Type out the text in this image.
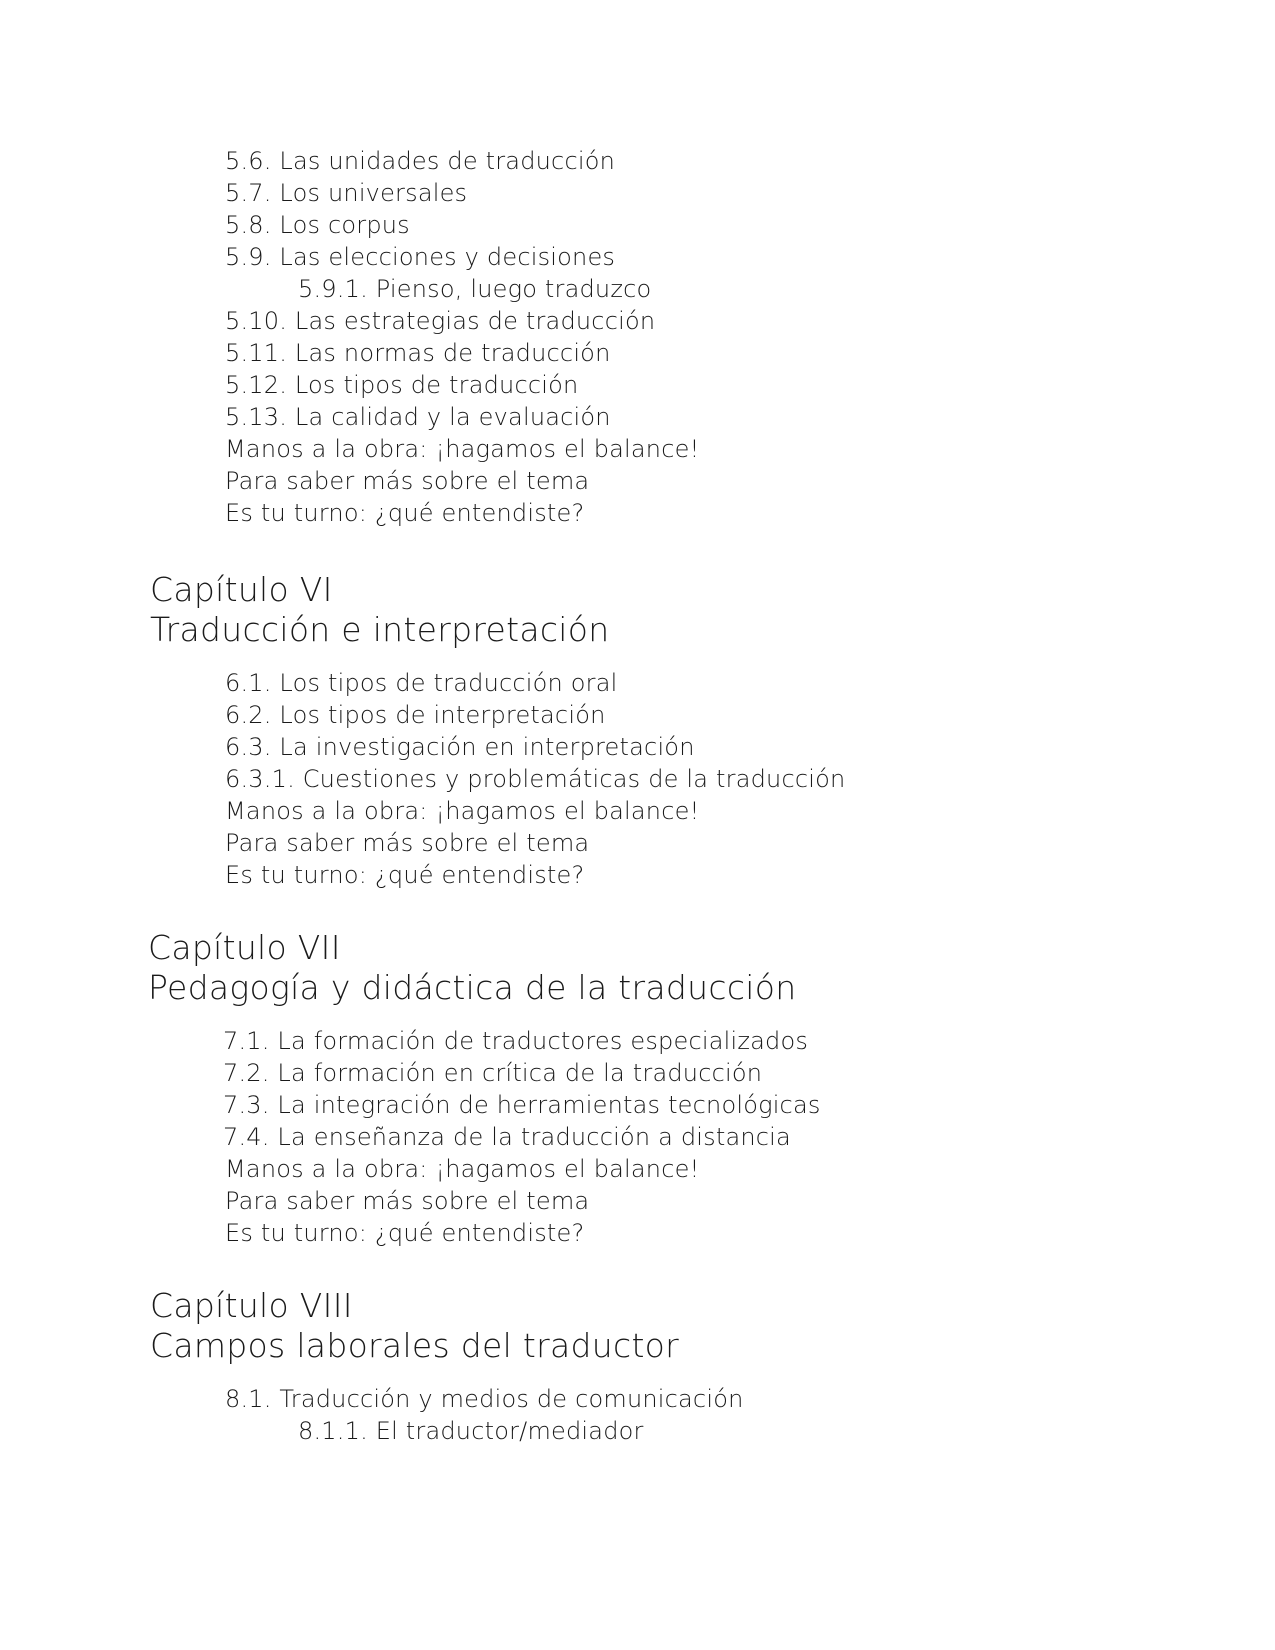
5.6. Las unidades de traducción
5.7. Los universales
5.8. Los corpus
5.9. Las elecciones y decisiones
5.9.1. Pienso, luego traduzco
5.10. Las estrategias de traducción
5.11. Las normas de traducción
5.12. Los tipos de traducción
5.13. La calidad y la evaluación
Manos a la obra: ¡hagamos el balance!
Para saber más sobre el tema
Es tu turno: ¿qué entendiste?
Capítulo VI
Traducción e interpretación
6.1. Los tipos de traducción oral
6.2. Los tipos de interpretación
6.3. La investigación en interpretación
6.3.1. Cuestiones y problemáticas de la traducción
Manos a la obra: ¡hagamos el balance!
Para saber más sobre el tema
Es tu turno: ¿qué entendiste?
Capítulo VII
Pedagogía y didáctica de la traducción
7.1. La formación de traductores especializados
7.2. La formación en crítica de la traducción
7.3. La integración de herramientas tecnológicas
7.4. La enseñanza de la traducción a distancia
Manos a la obra: ¡hagamos el balance!
Para saber más sobre el tema
Es tu turno: ¿qué entendiste?
Capítulo VIII
Campos laborales del traductor
8.1. Traducción y medios de comunicación
8.1.1. El traductor/mediador
